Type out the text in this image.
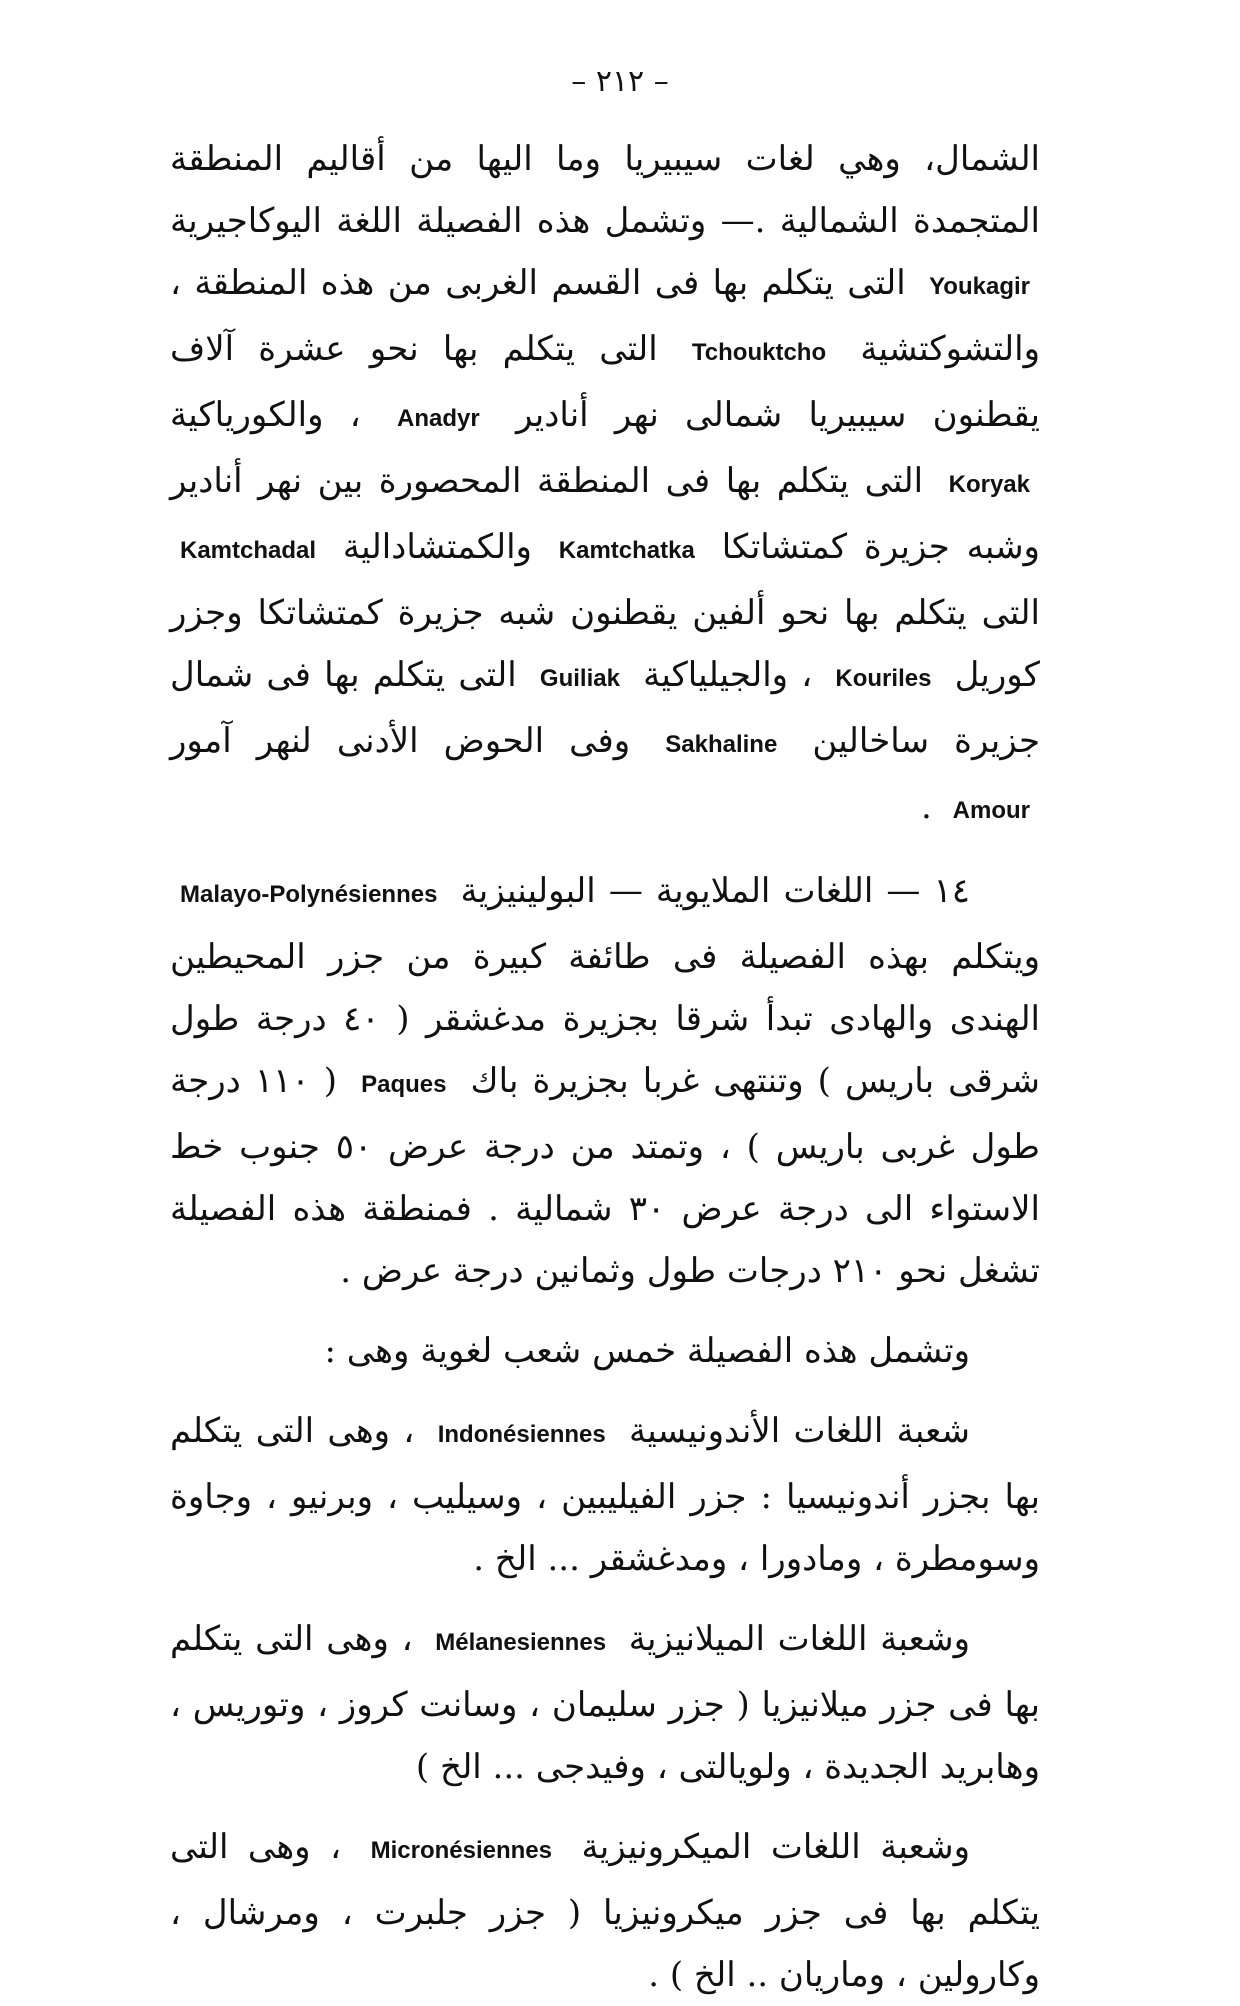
– ٢١٢ –

الشمال، وهي لغات سيبيريا وما اليها من أقاليم المنطقة المتجمدة الشمالية .— وتشمل هذه الفصيلة اللغة اليوكاجيرية Youkagir التى يتكلم بها فى القسم الغربى من هذه المنطقة ، والتشوكتشية Tchouktcho التى يتكلم بها نحو عشرة آلاف يقطنون سيبيريا شمالى نهر أنادير Anadyr ، والكورياكية Koryak التى يتكلم بها فى المنطقة المحصورة بين نهر أنادير وشبه جزيرة كمتشاتكا Kamtchatka والكمتشادالية Kamtchadal التى يتكلم بها نحو ألفين يقطنون شبه جزيرة كمتشاتكا وجزر كوريل Kouriles ، والجيلياكية Guiliak التى يتكلم بها فى شمال جزيرة ساخالين Sakhaline وفى الحوض الأدنى لنهر آمور Amour .

١٤ — اللغات الملايوية — البولينيزية Malayo-Polynésiennes ويتكلم بهذه الفصيلة فى طائفة كبيرة من جزر المحيطين الهندى والهادى تبدأ شرقا بجزيرة مدغشقر ( ٤٠ درجة طول شرقى باريس ) وتنتهى غربا بجزيرة باك Paques ( ١١٠ درجة طول غربى باريس ) ، وتمتد من درجة عرض ٥٠ جنوب خط الاستواء الى درجة عرض ٣٠ شمالية . فمنطقة هذه الفصيلة تشغل نحو ٢١٠ درجات طول وثمانين درجة عرض .

وتشمل هذه الفصيلة خمس شعب لغوية وهى :

شعبة اللغات الأندونيسية Indonésiennes ، وهى التى يتكلم بها بجزر أندونيسيا : جزر الفيليبين ، وسيليب ، وبرنيو ، وجاوة وسومطرة ، ومادورا ، ومدغشقر ... الخ .

وشعبة اللغات الميلانيزية Mélanesiennes ، وهى التى يتكلم بها فى جزر ميلانيزيا ( جزر سليمان ، وسانت كروز ، وتوريس ، وهابريد الجديدة ، ولويالتى ، وفيدجى ... الخ )

وشعبة اللغات الميكرونيزية Micronésiennes ، وهى التى يتكلم بها فى جزر ميكرونيزيا ( جزر جلبرت ، ومرشال ، وكارولين ، وماريان .. الخ ) .
